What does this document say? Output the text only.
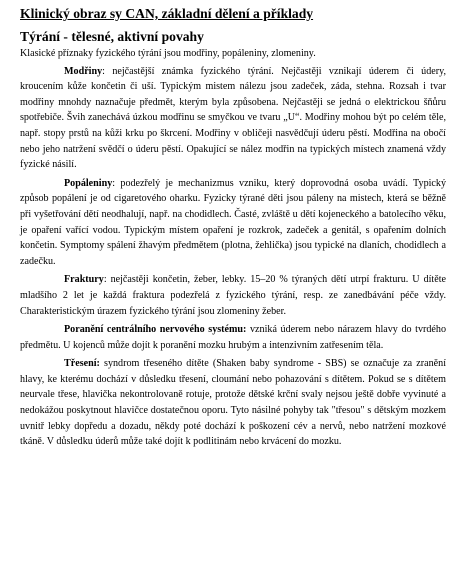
Klinický obraz sy CAN, základní dělení a příklady
Týrání - tělesné, aktivní povahy
Klasické příznaky fyzického týrání jsou modřiny, popáleniny, zlomeniny.

Modřiny: nejčastější známka fyzického týrání. Nejčastěji vznikají úderem či údery, kroucením kůže končetin či uší. Typickým mistem nálezu jsou zadeček, záda, stehna. Rozsah i tvar modřiny mnohdy naznačuje předmět, kterým byla způsobena. Nejčastěji se jedná o elektrickou šňůru spotřebiče. Švih zanechává úzkou modřinu se smyčkou ve tvaru „U“. Modřiny mohou být po celém těle, např. stopy prstů na kůži krku po škrcení. Modřiny v obličeji nasvědčují úderu pěstí. Modřina na obočí nebo jeho natržení svědčí o úderu pěstí. Opakující se nález modřin na typických místech znamená vždy fyzické násilí.

Popáleniny: podezřelý je mechanizmus vzniku, který doprovodná osoba uvádí. Typický způsob popálení je od cigaretového oharku. Fyzicky týrané děti jsou páleny na mistech, která se běžně při vyšetřování dětí neodhalují, např. na chodidlech. Časté, zvláště u dětí kojeneckého a batolecího věku, je opaření vařící vodou. Typickým místem opaření je rozkrok, zadeček a genitál, s opařením dolních končetin. Symptomy spálení žhavým předmětem (plotna, žehlička) jsou typické na dlaních, chodidlech a zadečku.

Fraktury: nejčastěji končetin, žeber, lebky. 15–20 % týraných dětí utrpí frakturu. U dítěte mladšího 2 let je každá fraktura podezřelá z fyzického týrání, resp. ze zanedbávání péče vždy. Charakteristickým úrazem fyzického týrání jsou zlomeniny žeber.

Poranění centrálního nervového systému: vzniká úderem nebo nárazem hlavy do tvrdého předmětu. U kojenců může dojít k poranění mozku hrubým a intenzivním zatřesením těla.

Třesení: syndrom třeseného dítěte (Shaken baby syndrome - SBS) se označuje za zranění hlavy, ke kterému dochází v důsledku třesení, cloumání nebo pohazování s dítětem. Pokud se s dítětem neurvale třese, hlavička nekontrolovaně rotuje, protože dětské krční svaly nejsou ještě dobře vyvinuté a nedokážou poskytnout hlavičce dostatečnou oporu. Tyto násilné pohyby tak "třesou" s dětským mozkem uvnitř lebky dopředu a dozadu, někdy poté dochází k poškození cév a nervů, nebo natržení mozkové tkáně. V důsledku úderů může také dojít k podlitinám nebo krvácení do mozku.
